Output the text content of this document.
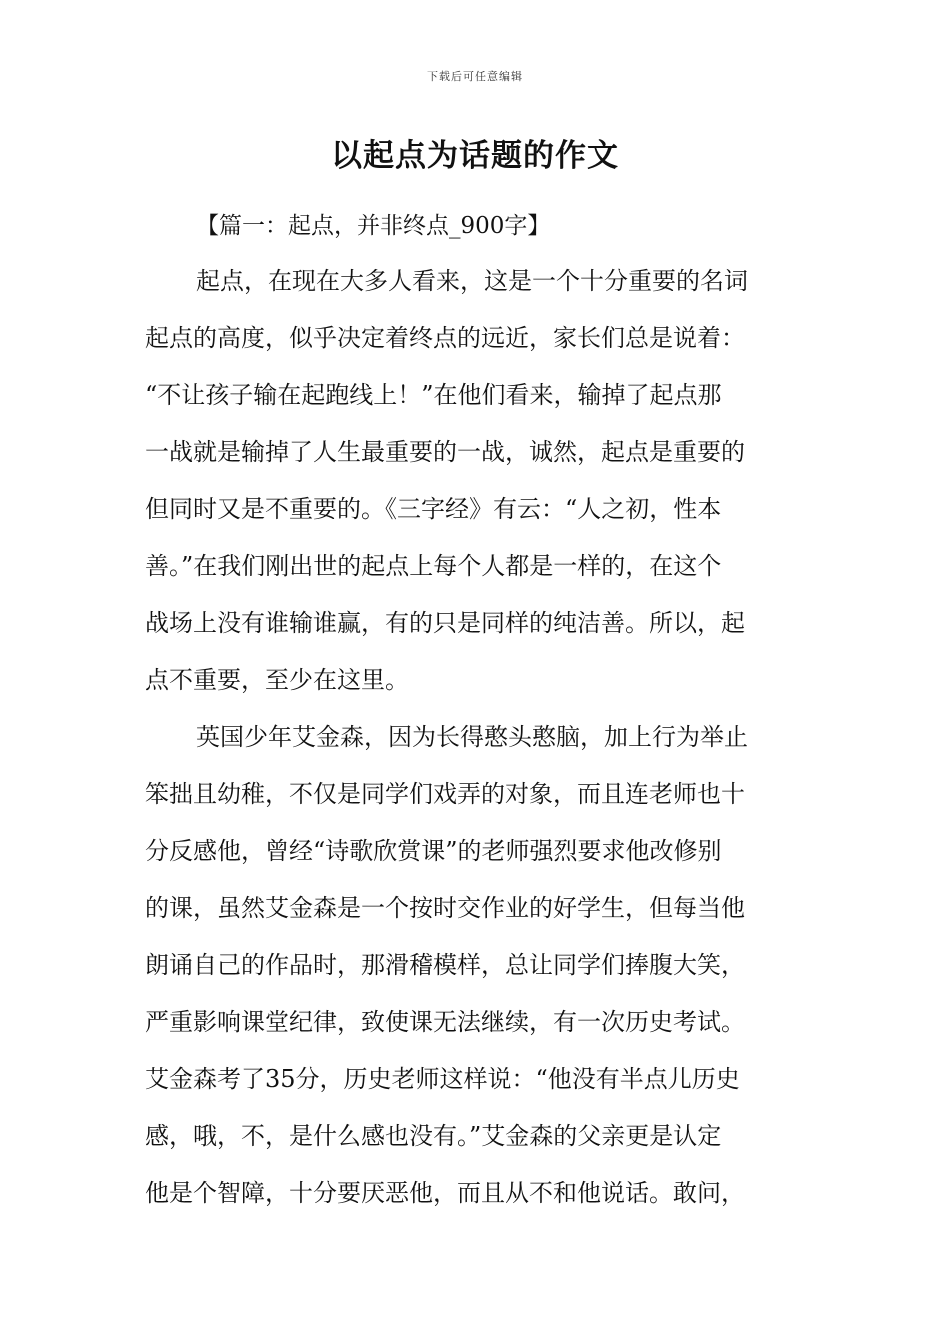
下载后可任意编辑
以起点为话题的作文
【篇一：起点，并非终点_900字】
起点，在现在大多人看来，这是一个十分重要的名词
起点的高度，似乎决定着终点的远近，家长们总是说着：
“不让孩子输在起跑线上！”在他们看来，输掉了起点那
一战就是输掉了人生最重要的一战，诚然，起点是重要的
但同时又是不重要的。《三字经》有云：“人之初，性本
善。”在我们刚出世的起点上每个人都是一样的，在这个
战场上没有谁输谁赢，有的只是同样的纯洁善。所以，起
点不重要，至少在这里。
英国少年艾金森，因为长得憨头憨脑，加上行为举止
笨拙且幼稚，不仅是同学们戏弄的对象，而且连老师也十
分反感他，曾经“诗歌欣赏课”的老师强烈要求他改修别
的课，虽然艾金森是一个按时交作业的好学生，但每当他
朗诵自己的作品时，那滑稽模样，总让同学们捧腹大笑，
严重影响课堂纪律，致使课无法继续，有一次历史考试。
艾金森考了35分，历史老师这样说：“他没有半点儿历史
感，哦，不，是什么感也没有。”艾金森的父亲更是认定
他是个智障，十分要厌恶他，而且从不和他说话。敢问，
